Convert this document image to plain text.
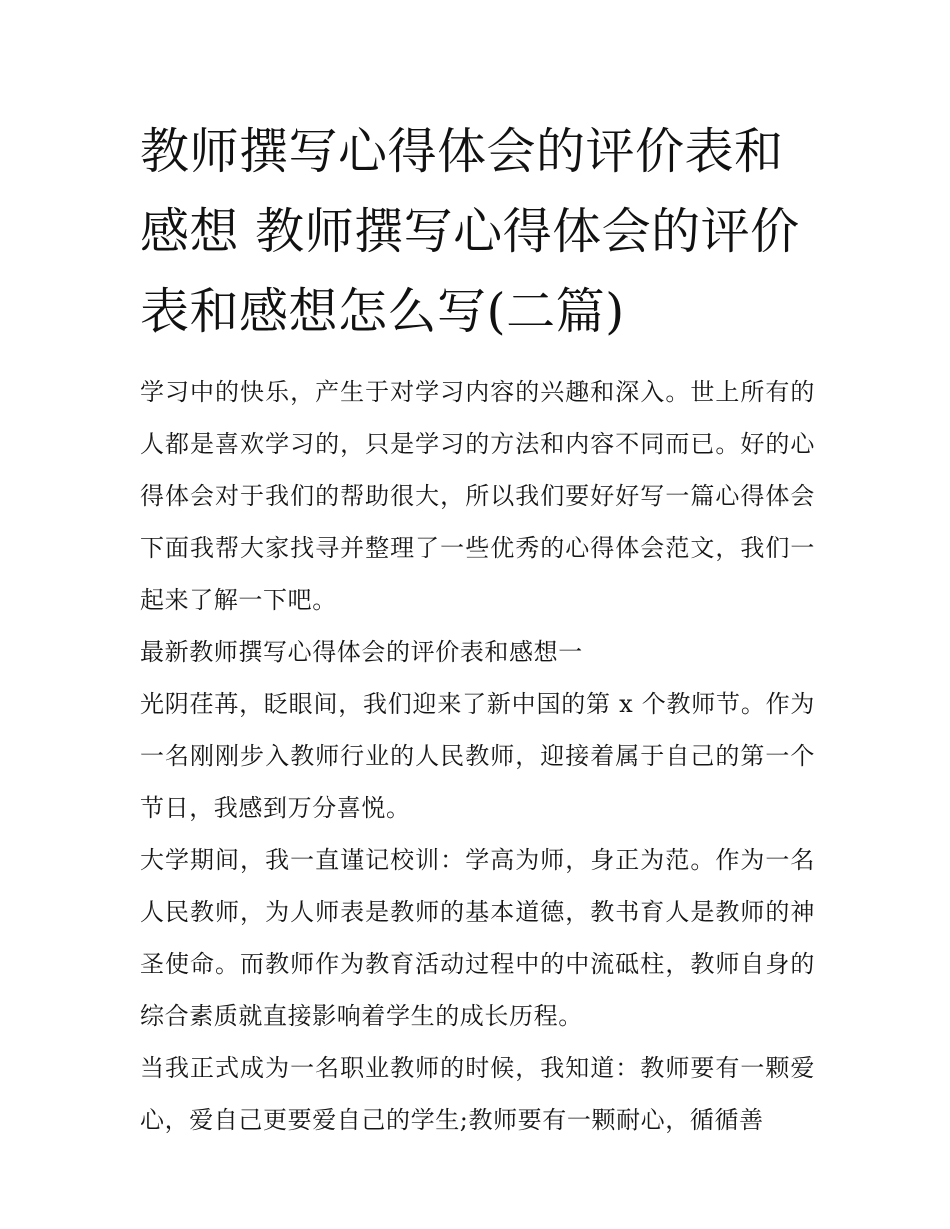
教师撰写心得体会的评价表和感想 教师撰写心得体会的评价表和感想怎么写(二篇)

学习中的快乐，产生于对学习内容的兴趣和深入。世上所有的人都是喜欢学习的，只是学习的方法和内容不同而已。好的心得体会对于我们的帮助很大，所以我们要好好写一篇心得体会下面我帮大家找寻并整理了一些优秀的心得体会范文，我们一起来了解一下吧。

最新教师撰写心得体会的评价表和感想一

光阴荏苒，眨眼间，我们迎来了新中国的第 x 个教师节。作为一名刚刚步入教师行业的人民教师，迎接着属于自己的第一个节日，我感到万分喜悦。

大学期间，我一直谨记校训：学高为师，身正为范。作为一名人民教师，为人师表是教师的基本道德，教书育人是教师的神圣使命。而教师作为教育活动过程中的中流砥柱，教师自身的综合素质就直接影响着学生的成长历程。

当我正式成为一名职业教师的时候，我知道：教师要有一颗爱心，爱自己更要爱自己的学生;教师要有一颗耐心，循循善
